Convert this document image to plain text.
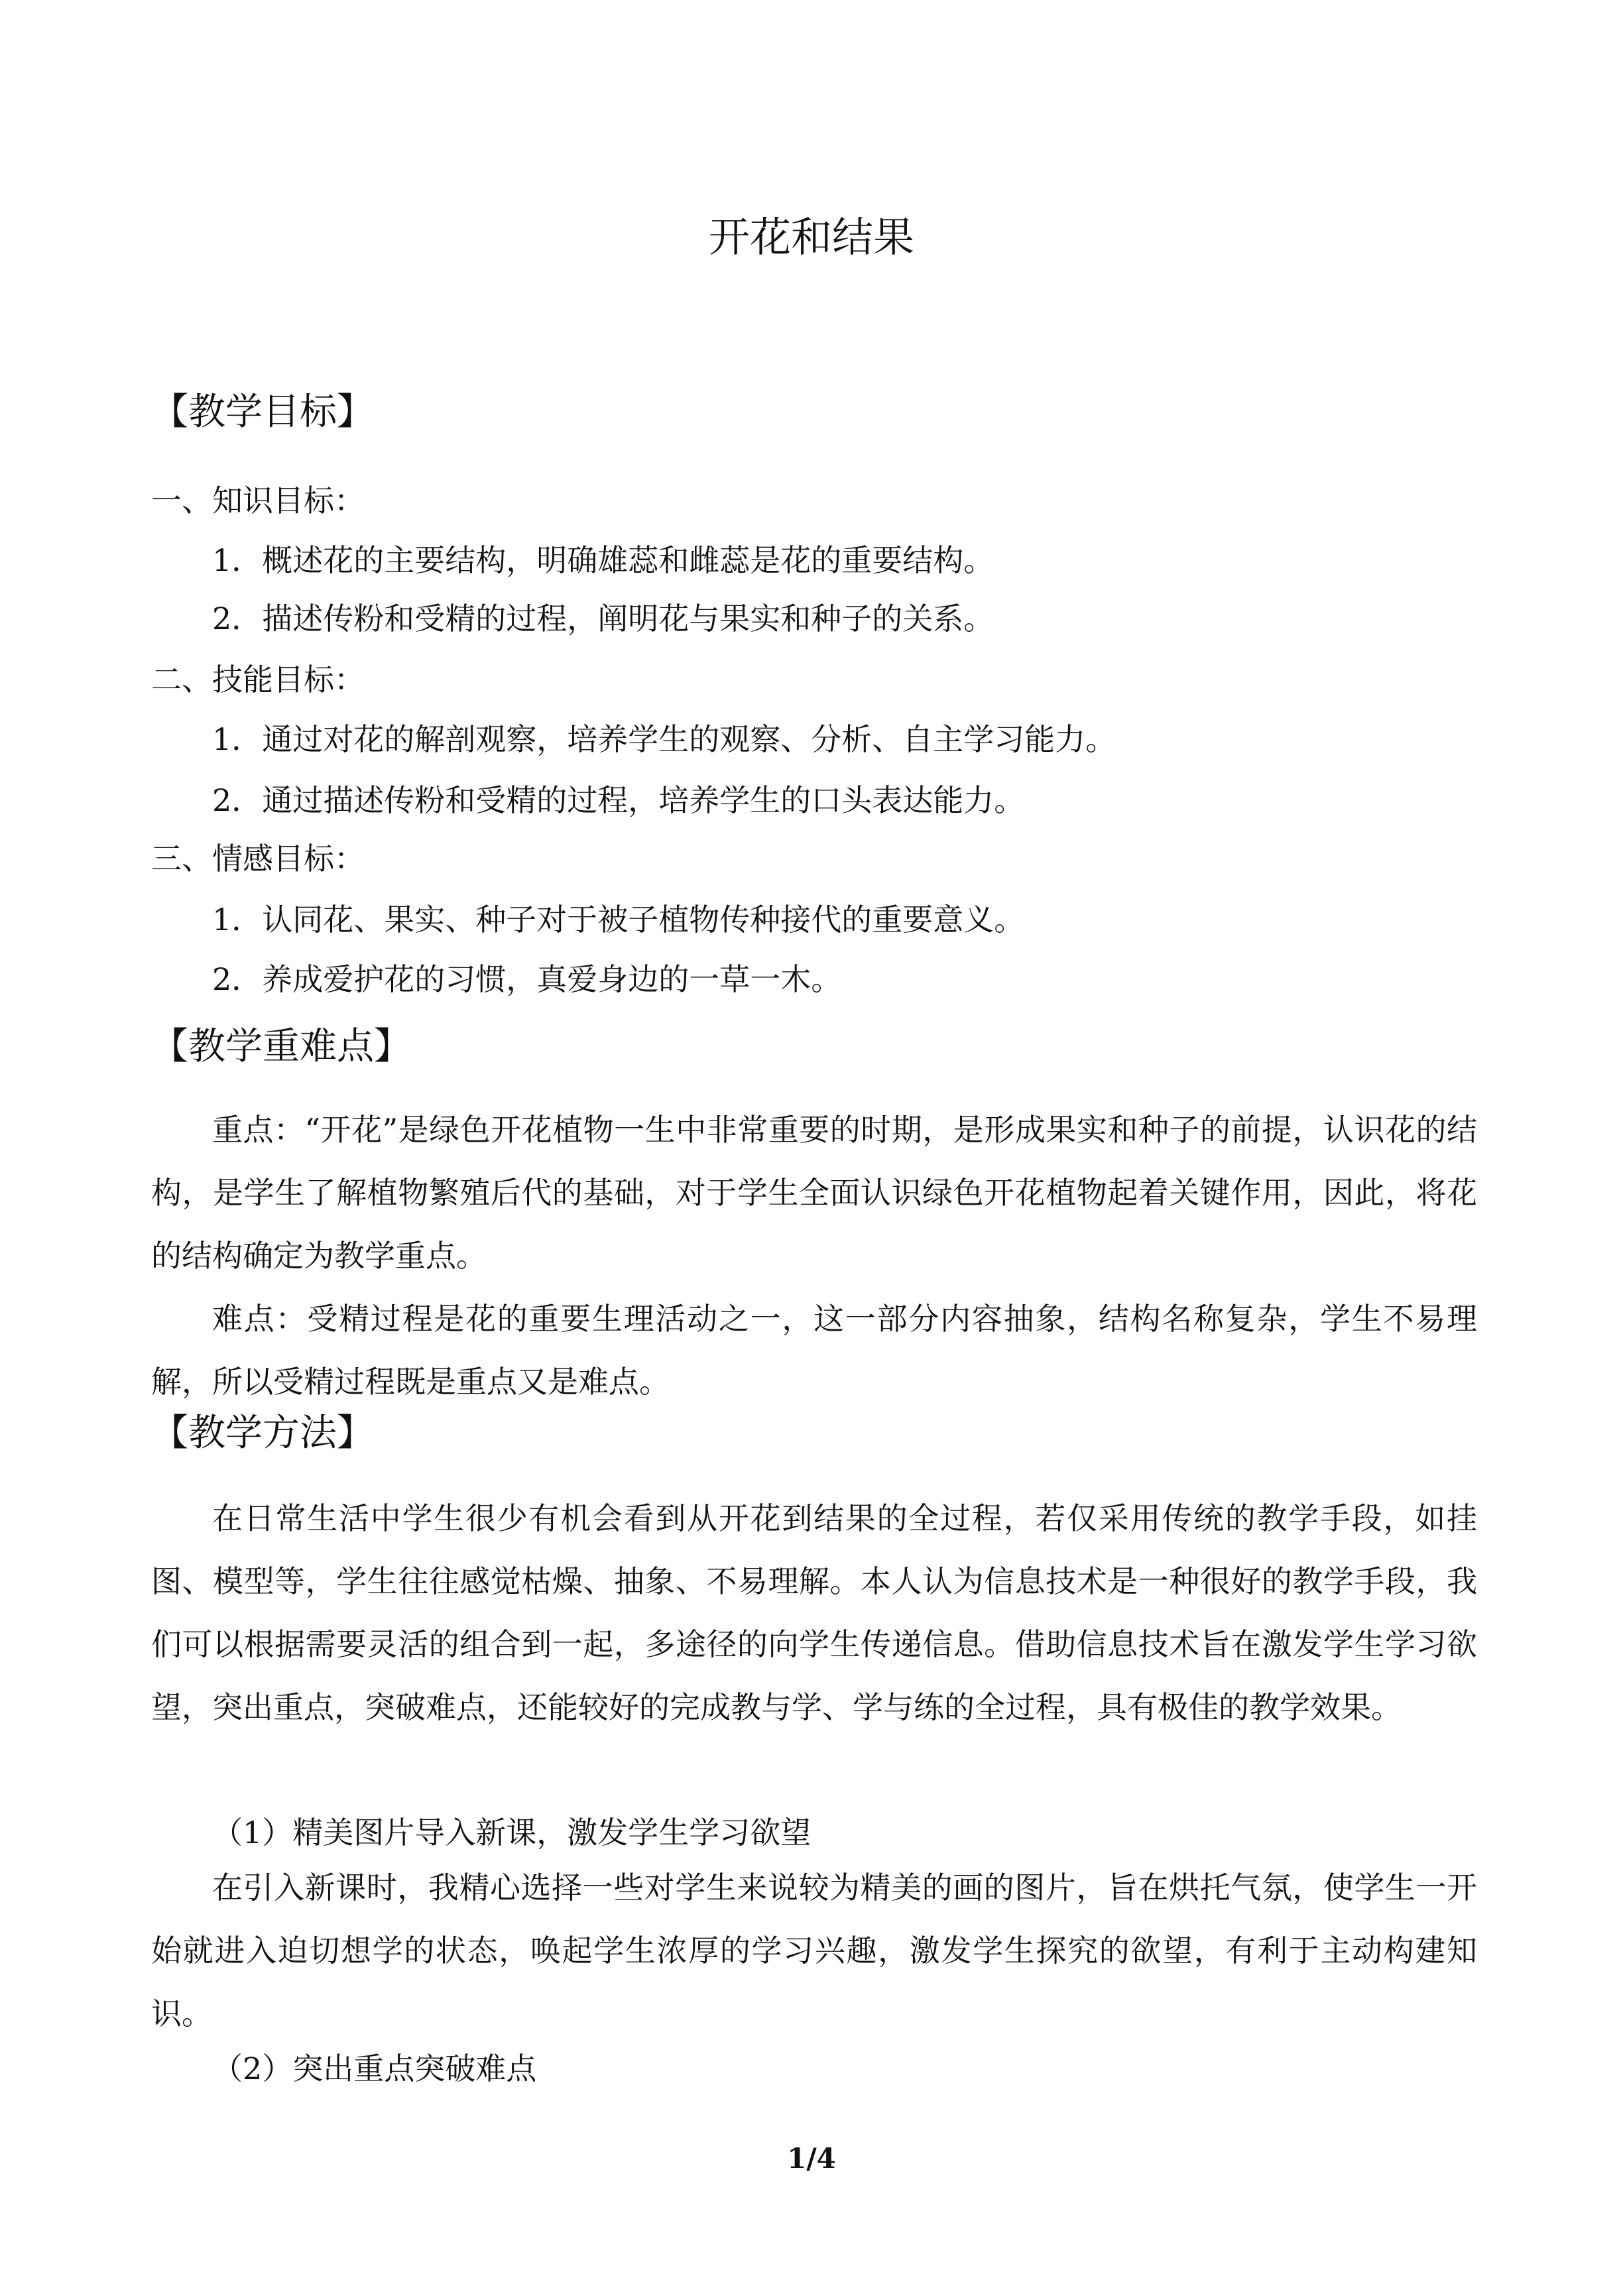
开花和结果
【教学目标】

一、知识目标：

1．概述花的主要结构，明确雄蕊和雌蕊是花的重要结构。

2．描述传粉和受精的过程，阐明花与果实和种子的关系。

二、技能目标：

1．通过对花的解剖观察，培养学生的观察、分析、自主学习能力。

2．通过描述传粉和受精的过程，培养学生的口头表达能力。

三、情感目标：

1．认同花、果实、种子对于被子植物传种接代的重要意义。

2．养成爱护花的习惯，真爱身边的一草一木。

【教学重难点】

重点：“开花”是绿色开花植物一生中非常重要的时期，是形成果实和种子的前提，认识花的结构，是学生了解植物繁殖后代的基础，对于学生全面认识绿色开花植物起着关键作用，因此，将花的结构确定为教学重点。

难点：受精过程是花的重要生理活动之一，这一部分内容抽象，结构名称复杂，学生不易理解，所以受精过程既是重点又是难点。

【教学方法】

在日常生活中学生很少有机会看到从开花到结果的全过程，若仅采用传统的教学手段，如挂图、模型等，学生往往感觉枯燥、抽象、不易理解。本人认为信息技术是一种很好的教学手段，我们可以根据需要灵活的组合到一起，多途径的向学生传递信息。借助信息技术旨在激发学生学习欲望，突出重点，突破难点，还能较好的完成教与学、学与练的全过程，具有极佳的教学效果。

（1）精美图片导入新课，激发学生学习欲望

在引入新课时，我精心选择一些对学生来说较为精美的画的图片，旨在烘托气氛，使学生一开始就进入迫切想学的状态，唤起学生浓厚的学习兴趣，激发学生探究的欲望，有利于主动构建知识。

（2）突出重点突破难点

1/4
